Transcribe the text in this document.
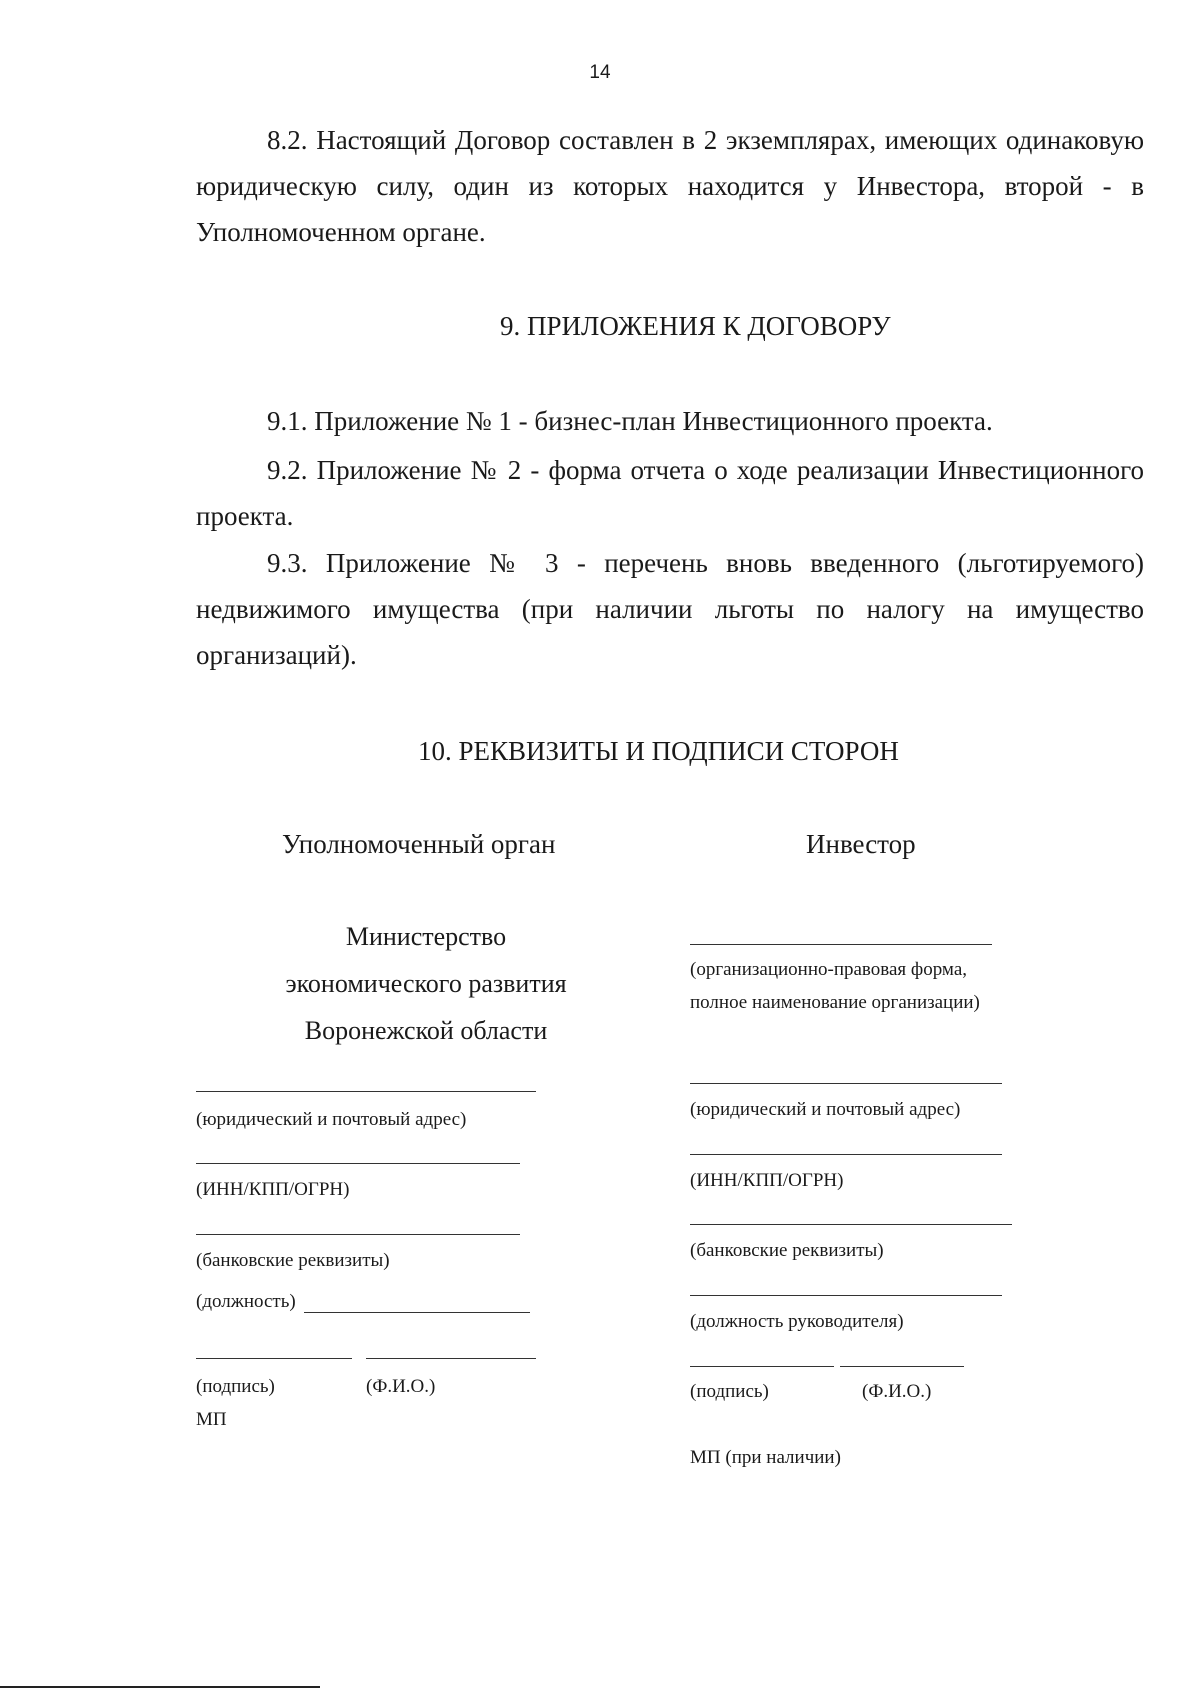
14

8.2. Настоящий Договор составлен в 2 экземплярах, имеющих одинаковую юридическую силу, один из которых находится у Инвестора, второй - в Уполномоченном органе.

9. ПРИЛОЖЕНИЯ К ДОГОВОРУ

9.1. Приложение № 1 - бизнес-план Инвестиционного проекта.

9.2. Приложение № 2 - форма отчета о ходе реализации Инвестиционного проекта.

9.3. Приложение № 3 - перечень вновь введенного (льготируемого) недвижимого имущества (при наличии льготы по налогу на имущество организаций).

10. РЕКВИЗИТЫ И ПОДПИСИ СТОРОН
Уполномоченный орган
Министерство
экономического развития
Воронежской области
(юридический и почтовый адрес)
(ИНН/КПП/ОГРН)
(банковские реквизиты)
(должность)
(подпись)	(Ф.И.О.)
МП
Инвестор
(организационно-правовая форма,
полное наименование организации)
(юридический и почтовый адрес)
(ИНН/КПП/ОГРН)
(банковские реквизиты)
(должность руководителя)
(подпись)	(Ф.И.О.)
МП (при наличии)
